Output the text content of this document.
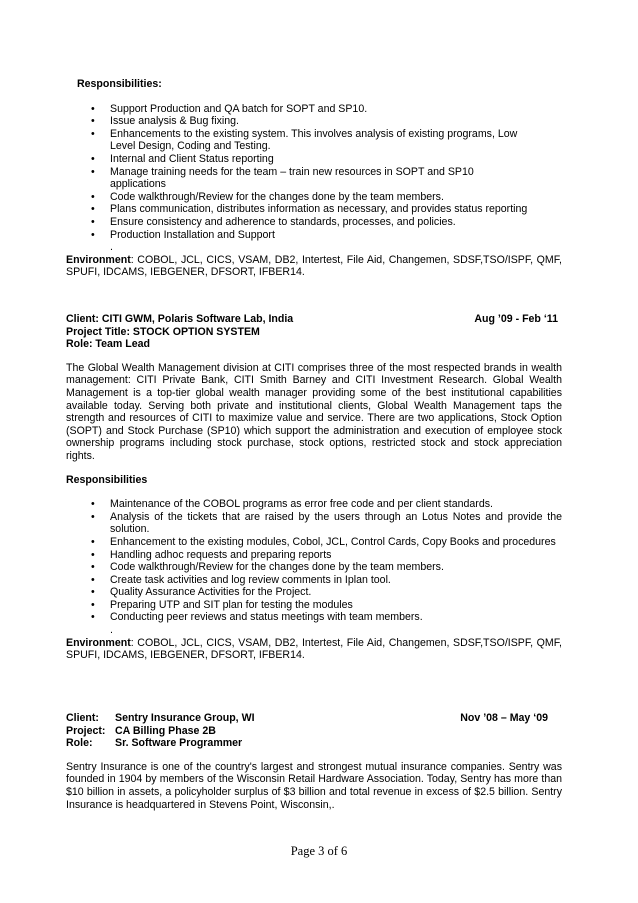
Responsibilities:
• Support Production and QA batch for SOPT and SP10.
• Issue analysis & Bug fixing.
• Enhancements to the existing system. This involves analysis of existing programs, Low Level Design, Coding and Testing.
• Internal and Client Status reporting
• Manage training needs for the team – train new resources in SOPT and SP10 applications
• Code walkthrough/Review for the changes done by the team members.
• Plans communication, distributes information as necessary, and provides status reporting
• Ensure consistency and adherence to standards, processes, and policies.
• Production Installation and Support
.
Environment: COBOL, JCL, CICS, VSAM, DB2, Intertest, File Aid, Changemen, SDSF,TSO/ISPF, QMF, SPUFI, IDCAMS, IEBGENER, DFSORT, IFBER14.
Client: CITI GWM, Polaris Software Lab, India	Aug ’09 - Feb ‘11
Project Title: STOCK OPTION SYSTEM
Role: Team Lead
The Global Wealth Management division at CITI comprises three of the most respected brands in wealth management: CITI Private Bank, CITI Smith Barney and CITI Investment Research. Global Wealth Management is a top-tier global wealth manager providing some of the best institutional capabilities available today. Serving both private and institutional clients, Global Wealth Management taps the strength and resources of CITI to maximize value and service. There are two applications, Stock Option (SOPT) and Stock Purchase (SP10) which support the administration and execution of employee stock ownership programs including stock purchase, stock options, restricted stock and stock appreciation rights.
Responsibilities
• Maintenance of the COBOL programs as error free code and per client standards.
• Analysis of the tickets that are raised by the users through an Lotus Notes and provide the solution.
• Enhancement to the existing modules, Cobol, JCL, Control Cards, Copy Books and procedures
• Handling adhoc requests and preparing reports
• Code walkthrough/Review for the changes done by the team members.
• Create task activities and log review comments in Iplan tool.
• Quality Assurance Activities for the Project.
• Preparing UTP and SIT plan for testing the modules
• Conducting peer reviews and status meetings with team members.
.
Environment: COBOL, JCL, CICS, VSAM, DB2, Intertest, File Aid, Changemen, SDSF,TSO/ISPF, QMF, SPUFI, IDCAMS, IEBGENER, DFSORT, IFBER14.
Client: Sentry Insurance Group, WI	Nov ’08 – May ‘09
Project: CA Billing Phase 2B
Role: Sr. Software Programmer
Sentry Insurance is one of the country's largest and strongest mutual insurance companies. Sentry was founded in 1904 by members of the Wisconsin Retail Hardware Association. Today, Sentry has more than $10 billion in assets, a policyholder surplus of $3 billion and total revenue in excess of $2.5 billion. Sentry Insurance is headquartered in Stevens Point, Wisconsin,.
Page 3 of 6
